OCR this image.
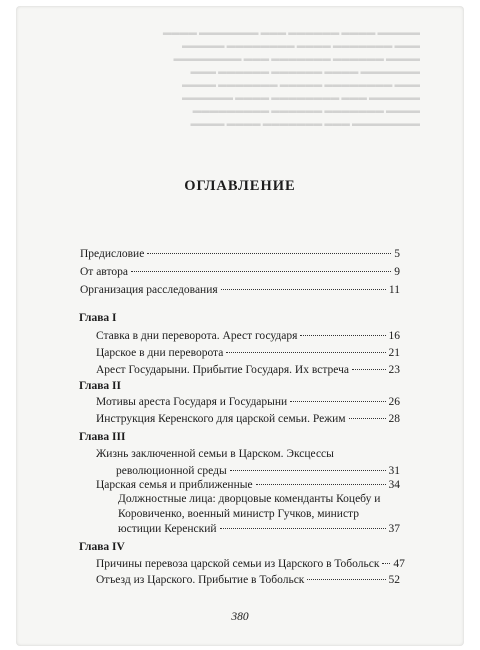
▬▬▬▬▬ ▬▬▬▬ ▬▬▬▬▬▬ ▬▬▬ ▬▬▬▬▬▬▬ ▬▬▬▬
▬▬▬ ▬▬▬▬▬▬▬ ▬▬▬▬ ▬▬▬▬▬▬▬▬ ▬▬▬▬▬
▬▬▬▬ ▬▬▬▬▬▬ ▬▬▬▬▬▬▬ ▬▬▬ ▬▬▬▬▬▬▬▬
▬▬▬▬▬▬▬ ▬▬▬▬ ▬▬▬▬▬▬ ▬▬▬▬▬▬ ▬▬▬
▬▬▬ ▬▬▬▬▬▬▬▬ ▬▬▬▬▬ ▬▬▬▬▬▬▬ ▬▬▬▬
▬▬▬▬▬▬ ▬▬▬ ▬▬▬▬▬▬▬▬ ▬▬▬▬ ▬▬▬▬▬▬
▬▬▬▬ ▬▬▬▬▬▬▬ ▬▬▬▬▬▬ ▬▬▬▬▬▬▬▬▬
▬▬▬▬▬▬▬▬ ▬▬▬ ▬▬▬▬▬▬▬ ▬▬▬▬ ▬▬▬▬
ОГЛАВЛЕНИЕ
Предисловие	5
От автора	9
Организация расследования	11
Глава I
Ставка в дни переворота. Арест государя	16
Царское в дни переворота	21
Арест Государыни. Прибытие Государя. Их встреча	23
Глава II
Мотивы ареста Государя и Государыни	26
Инструкция Керенского для царской семьи. Режим	28
Глава III
Жизнь заключенной семьи в Царском. Эксцессы
революционной среды	31
Царская семья и приближенные	34
Должностные лица: дворцовые коменданты Коцебу и
Коровиченко, военный министр Гучков, министр
юстиции Керенский	37
Глава IV
Причины перевоза царской семьи из Царского в Тобольск 47
Отъезд из Царского. Прибытие в Тобольск	52
380
